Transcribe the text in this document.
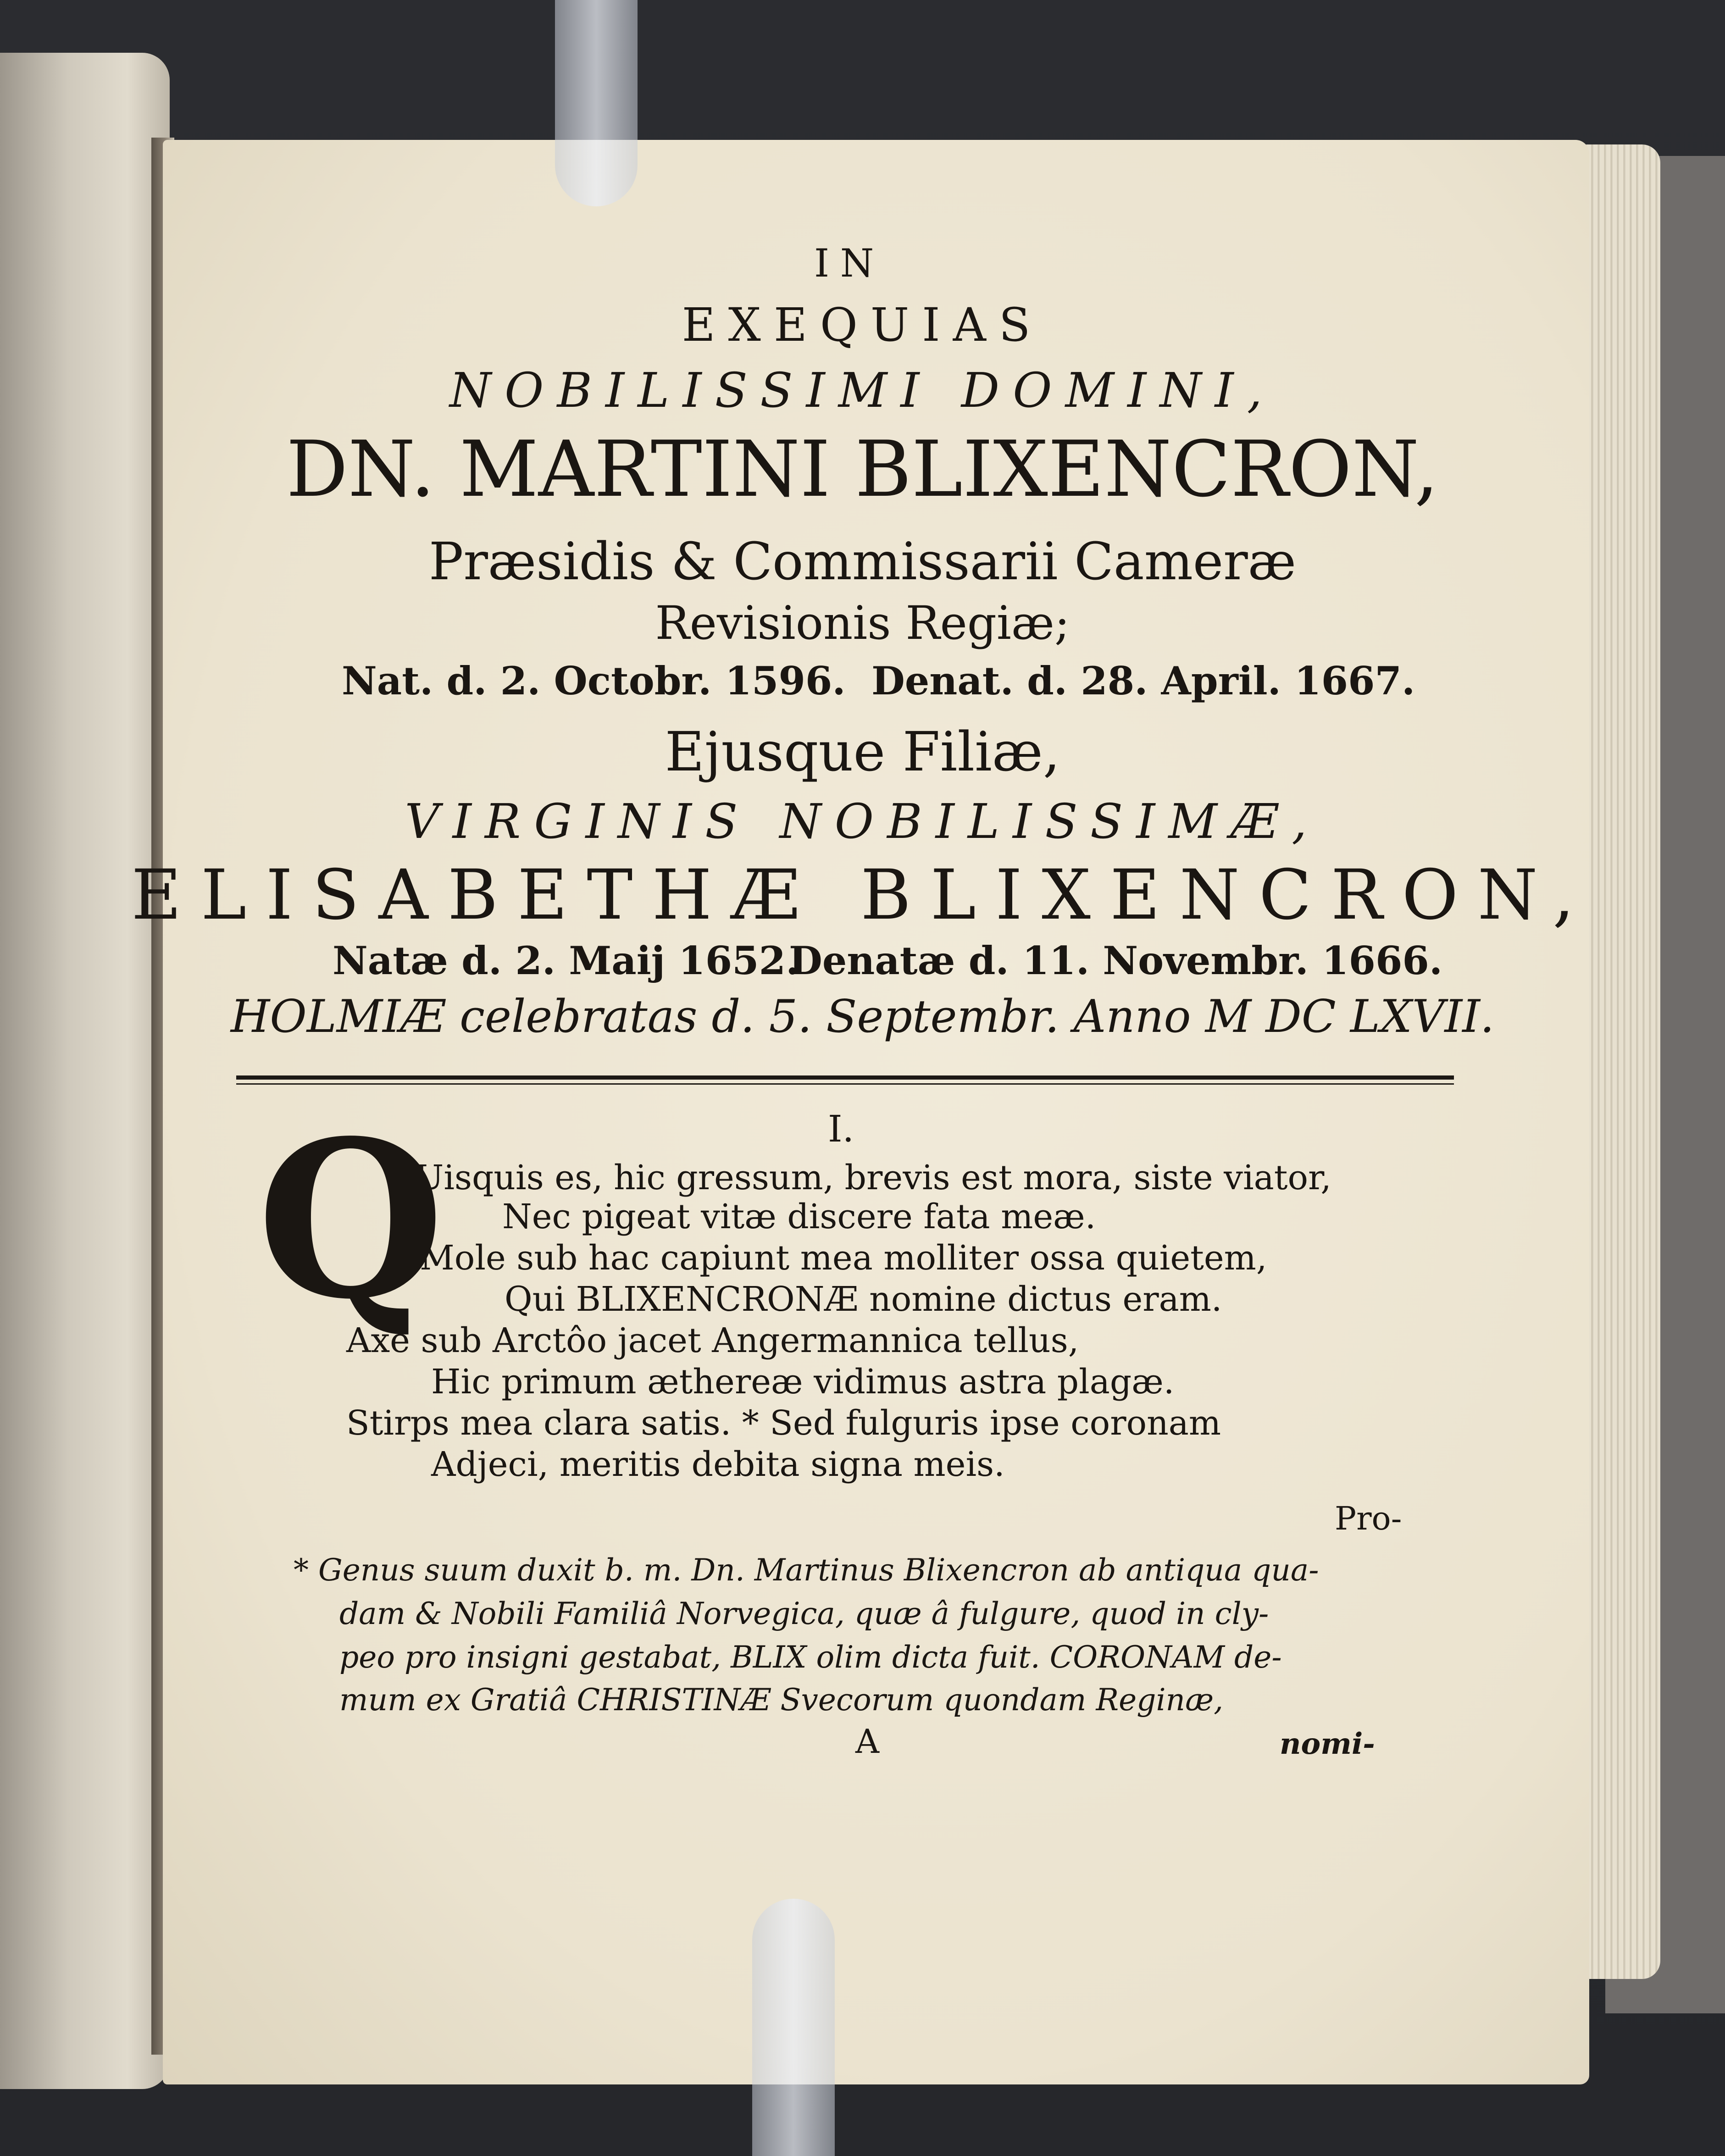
IN

EXEQUIAS

NOBILISSIMI DOMINI,

DN. MARTINI BLIXENCRON,

Præsidis & Commissarii Cameræ

Revisionis Regiæ;

Nat. d. 2. Octobr. 1596. Denat. d. 28. April. 1667.

Ejusque Filiæ,

VIRGINIS NOBILISSIMÆ,

ELISABETHÆ BLIXENCRON,

Natæ d. 2. Maij 1652.

Denatæ d. 11. Novembr. 1666.

HOLMIÆ celebratas d. 5. Septembr. Anno M DC LXVII.

I.

Q

Uisquis es, hic gressum, brevis est mora, siste viator,

Nec pigeat vitæ discere fata meæ.

Mole sub hac capiunt mea molliter ossa quietem,

Qui BLIXENCRONÆ nomine dictus eram.

Axe sub Arctôo jacet Angermannica tellus,

Hic primum æthereæ vidimus astra plagæ.

Stirps mea clara satis. * Sed fulguris ipse coronam

Adjeci, meritis debita signa meis.

Pro-

* Genus suum duxit b. m. Dn. Martinus Blixencron ab antiqua qua-

dam & Nobili Familiâ Norvegica, quæ â fulgure, quod in cly-

peo pro insigni gestabat, BLIX olim dicta fuit. CORONAM de-

mum ex Gratiâ CHRISTINÆ Svecorum quondam Reginæ,

A	nomi-
